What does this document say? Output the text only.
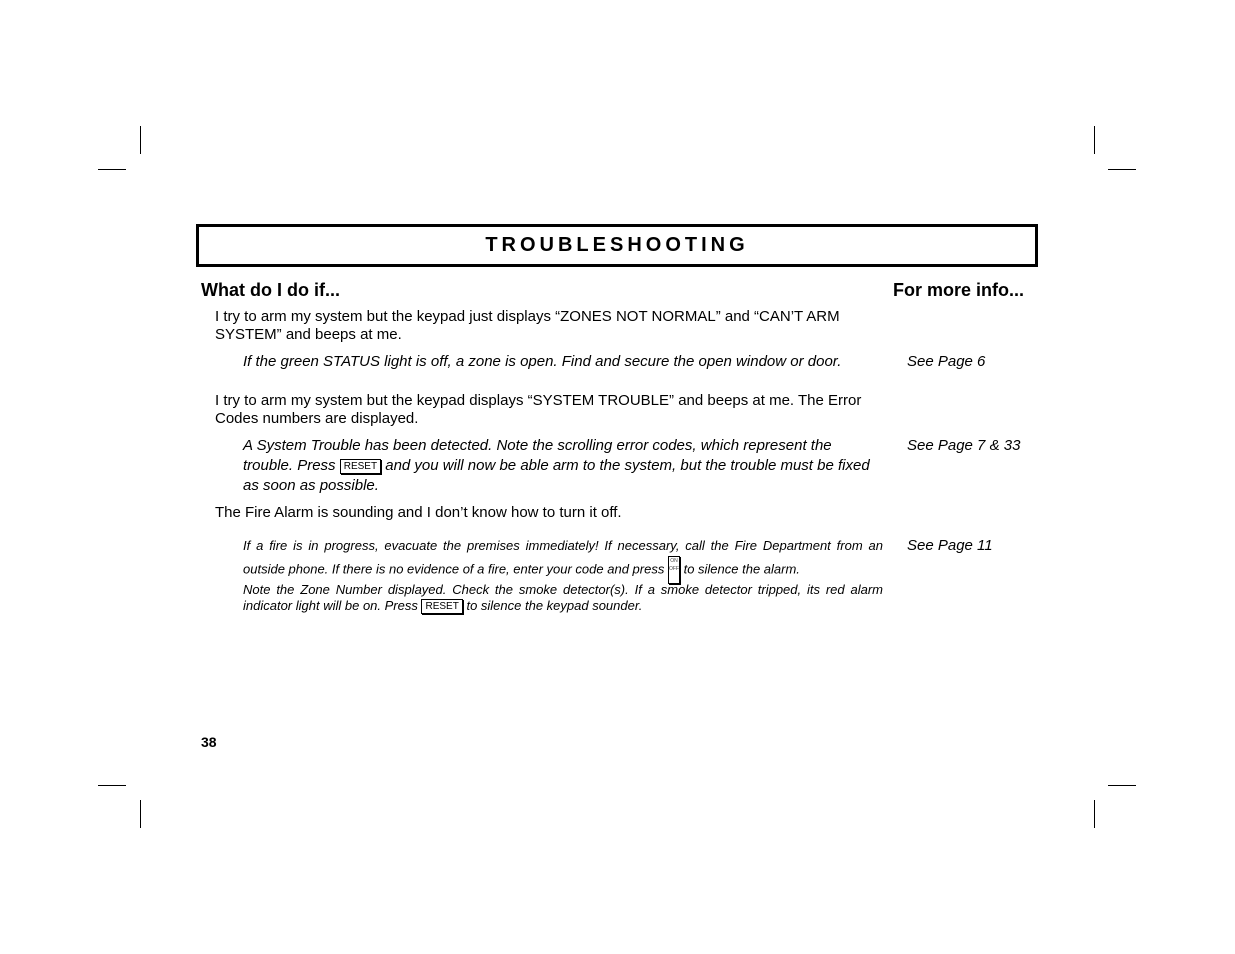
TROUBLESHOOTING
What do I do if...	For more info...
I try to arm my system but the keypad just displays “ZONES NOT NORMAL” and “CAN’T ARM SYSTEM” and beeps at me.
If the green STATUS light is off, a zone is open. Find and secure the open window or door.	See Page 6
I try to arm my system but the keypad displays “SYSTEM TROUBLE” and beeps at me. The Error Codes numbers are displayed.
A System Trouble has been detected. Note the scrolling error codes, which represent the trouble. Press RESET and you will now be able arm to the system, but the trouble must be fixed as soon as possible.
See Page 7 & 33
The Fire Alarm is sounding and I don’t know how to turn it off.
If a fire is in progress, evacuate the premises immediately! If necessary, call the Fire Department from an outside phone. If there is no evidence of a fire, enter your code and press ON
OFF to silence the alarm.
Note the Zone Number displayed. Check the smoke detector(s). If a smoke detector tripped, its red alarm indicator light will be on. Press RESET to silence the keypad sounder.
See Page 11
38
